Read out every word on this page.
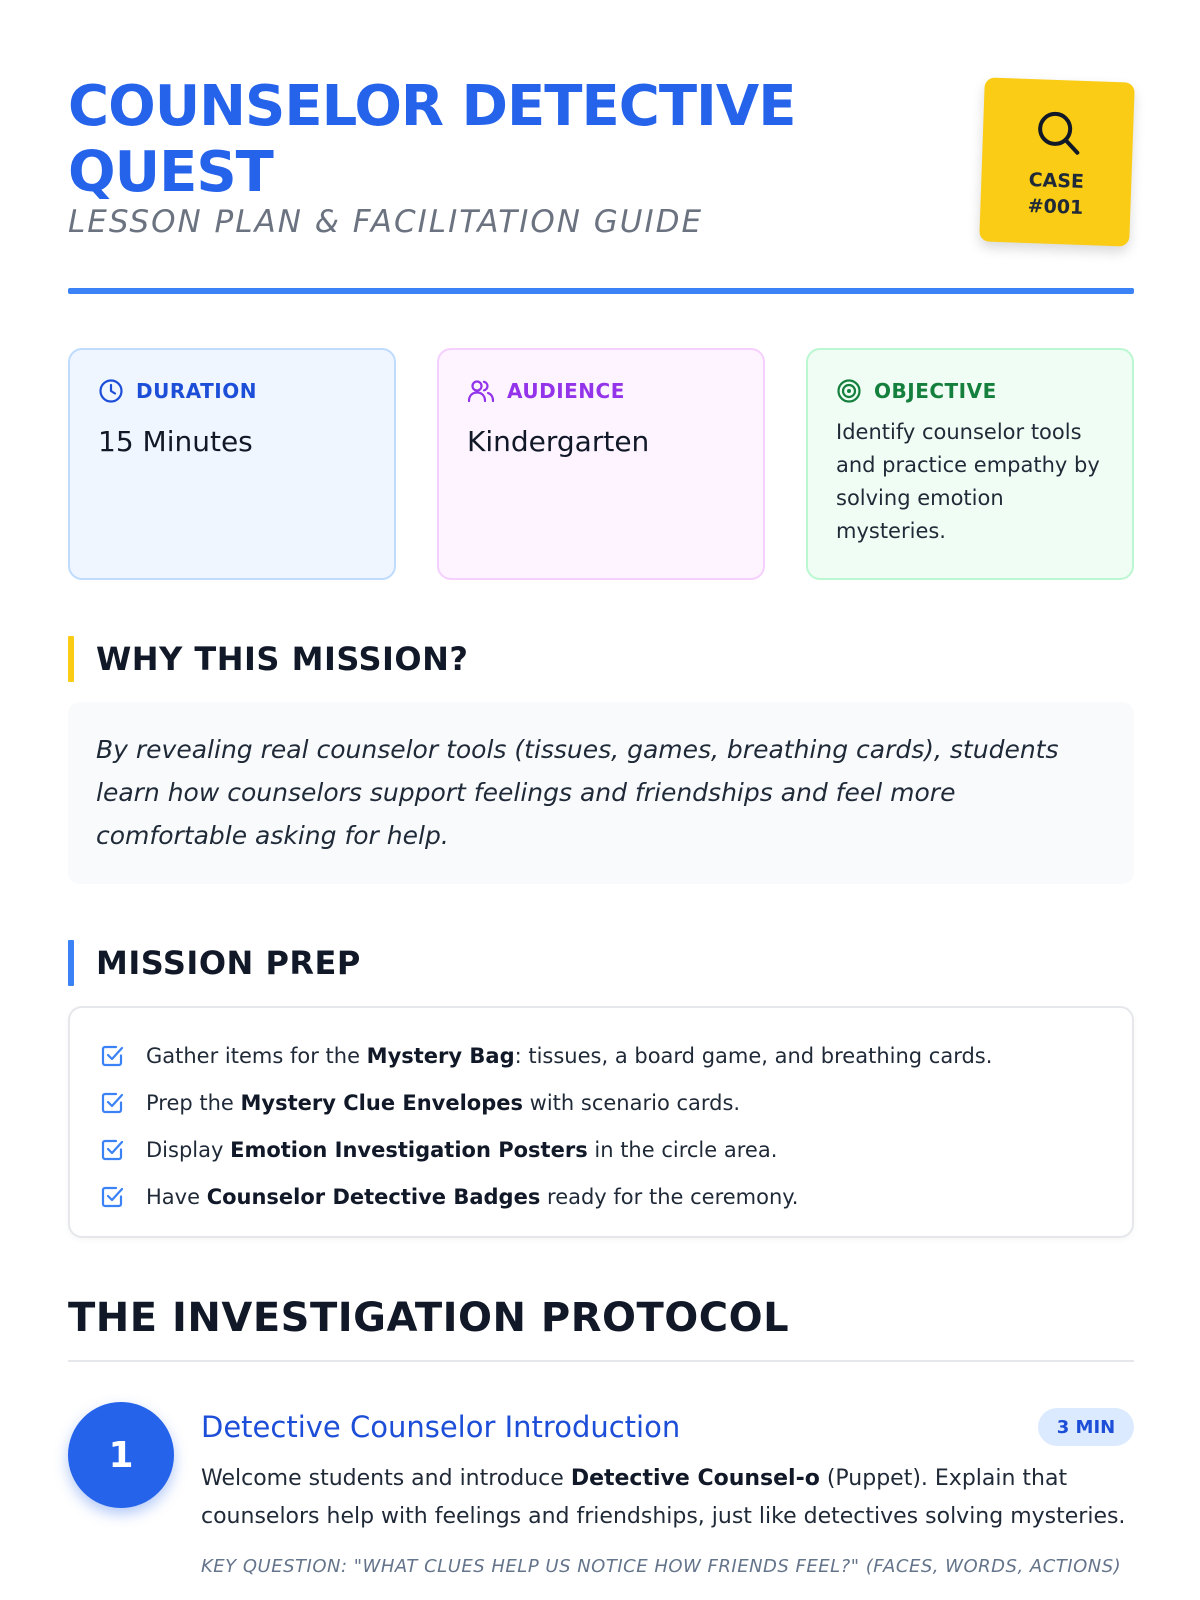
COUNSELOR DETECTIVE QUEST
LESSON PLAN & FACILITATION GUIDE
CASE
#001
DURATION
15 Minutes
AUDIENCE
Kindergarten
OBJECTIVE
Identify counselor tools and practice empathy by solving emotion mysteries.
WHY THIS MISSION?

By revealing real counselor tools (tissues, games, breathing cards), students learn how counselors support feelings and friendships and feel more comfortable asking for help.

MISSION PREP
Gather items for the Mystery Bag: tissues, a board game, and breathing cards.
Prep the Mystery Clue Envelopes with scenario cards.
Display Emotion Investigation Posters in the circle area.
Have Counselor Detective Badges ready for the ceremony.
THE INVESTIGATION PROTOCOL
1
Detective Counselor Introduction	3 MIN
Welcome students and introduce Detective Counsel-o (Puppet). Explain that counselors help with feelings and friendships, just like detectives solving mysteries.
KEY QUESTION: "WHAT CLUES HELP US NOTICE HOW FRIENDS FEEL?" (FACES, WORDS, ACTIONS)
